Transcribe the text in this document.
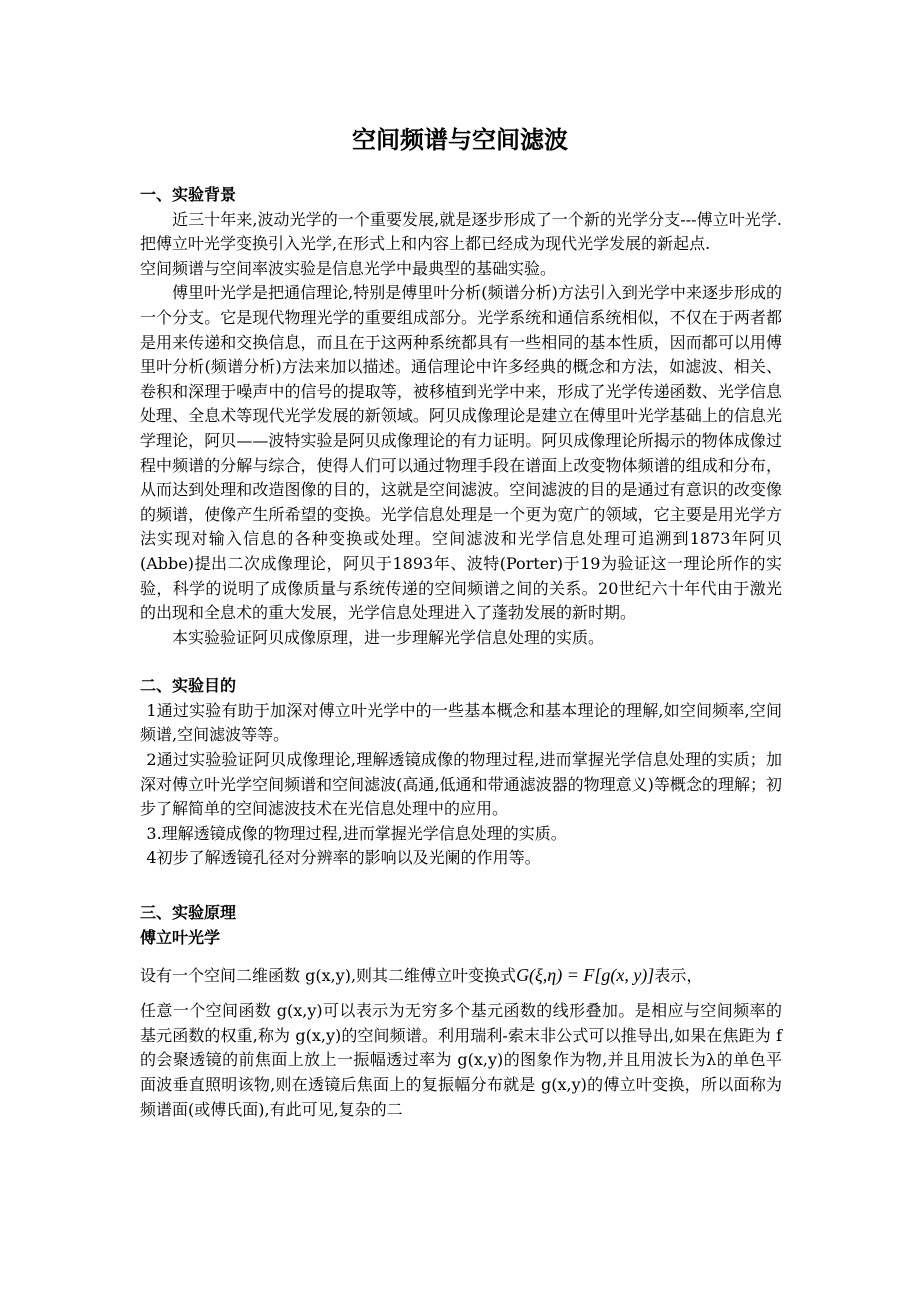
空间频谱与空间滤波
一、实验背景

近三十年来,波动光学的一个重要发展,就是逐步形成了一个新的光学分支---傅立叶光学.把傅立叶光学变换引入光学,在形式上和内容上都已经成为现代光学发展的新起点.

空间频谱与空间率波实验是信息光学中最典型的基础实验。

傅里叶光学是把通信理论,特别是傅里叶分析(频谱分析)方法引入到光学中来逐步形成的一个分支。它是现代物理光学的重要组成部分。光学系统和通信系统相似，不仅在于两者都是用来传递和交换信息，而且在于这两种系统都具有一些相同的基本性质，因而都可以用傅里叶分析(频谱分析)方法来加以描述。通信理论中许多经典的概念和方法，如滤波、相关、卷积和深理于噪声中的信号的提取等，被移植到光学中来，形成了光学传递函数、光学信息处理、全息术等现代光学发展的新领域。阿贝成像理论是建立在傅里叶光学基础上的信息光学理论，阿贝——波特实验是阿贝成像理论的有力证明。阿贝成像理论所揭示的物体成像过程中频谱的分解与综合，使得人们可以通过物理手段在谱面上改变物体频谱的组成和分布，从而达到处理和改造图像的目的，这就是空间滤波。空间滤波的目的是通过有意识的改变像的频谱，使像产生所希望的变换。光学信息处理是一个更为宽广的领域，它主要是用光学方法实现对输入信息的各种变换或处理。空间滤波和光学信息处理可追溯到1873年阿贝(Abbe)提出二次成像理论，阿贝于1893年、波特(Porter)于19为验证这一理论所作的实验，科学的说明了成像质量与系统传递的空间频谱之间的关系。20世纪六十年代由于激光的出现和全息术的重大发展，光学信息处理进入了蓬勃发展的新时期。

本实验验证阿贝成像原理，进一步理解光学信息处理的实质。

二、实验目的

1通过实验有助于加深对傅立叶光学中的一些基本概念和基本理论的理解,如空间频率,空间频谱,空间滤波等等。

2通过实验验证阿贝成像理论,理解透镜成像的物理过程,进而掌握光学信息处理的实质；加深对傅立叶光学空间频谱和空间滤波(高通,低通和带通滤波器的物理意义)等概念的理解；初步了解简单的空间滤波技术在光信息处理中的应用。

3.理解透镜成像的物理过程,进而掌握光学信息处理的实质。

4初步了解透镜孔径对分辨率的影响以及光阑的作用等。

三、实验原理
傅立叶光学

设有一个空间二维函数 g(x,y),则其二维傅立叶变换式G(ξ,η) = F[g(x, y)]表示，

任意一个空间函数 g(x,y)可以表示为无穷多个基元函数的线形叠加。是相应与空间频率的基元函数的权重,称为 g(x,y)的空间频谱。利用瑞利-索末非公式可以推导出,如果在焦距为 f 的会聚透镜的前焦面上放上一振幅透过率为 g(x,y)的图象作为物,并且用波长为λ的单色平面波垂直照明该物,则在透镜后焦面上的复振幅分布就是 g(x,y)的傅立叶变换，所以面称为频谱面(或傅氏面),有此可见,复杂的二
